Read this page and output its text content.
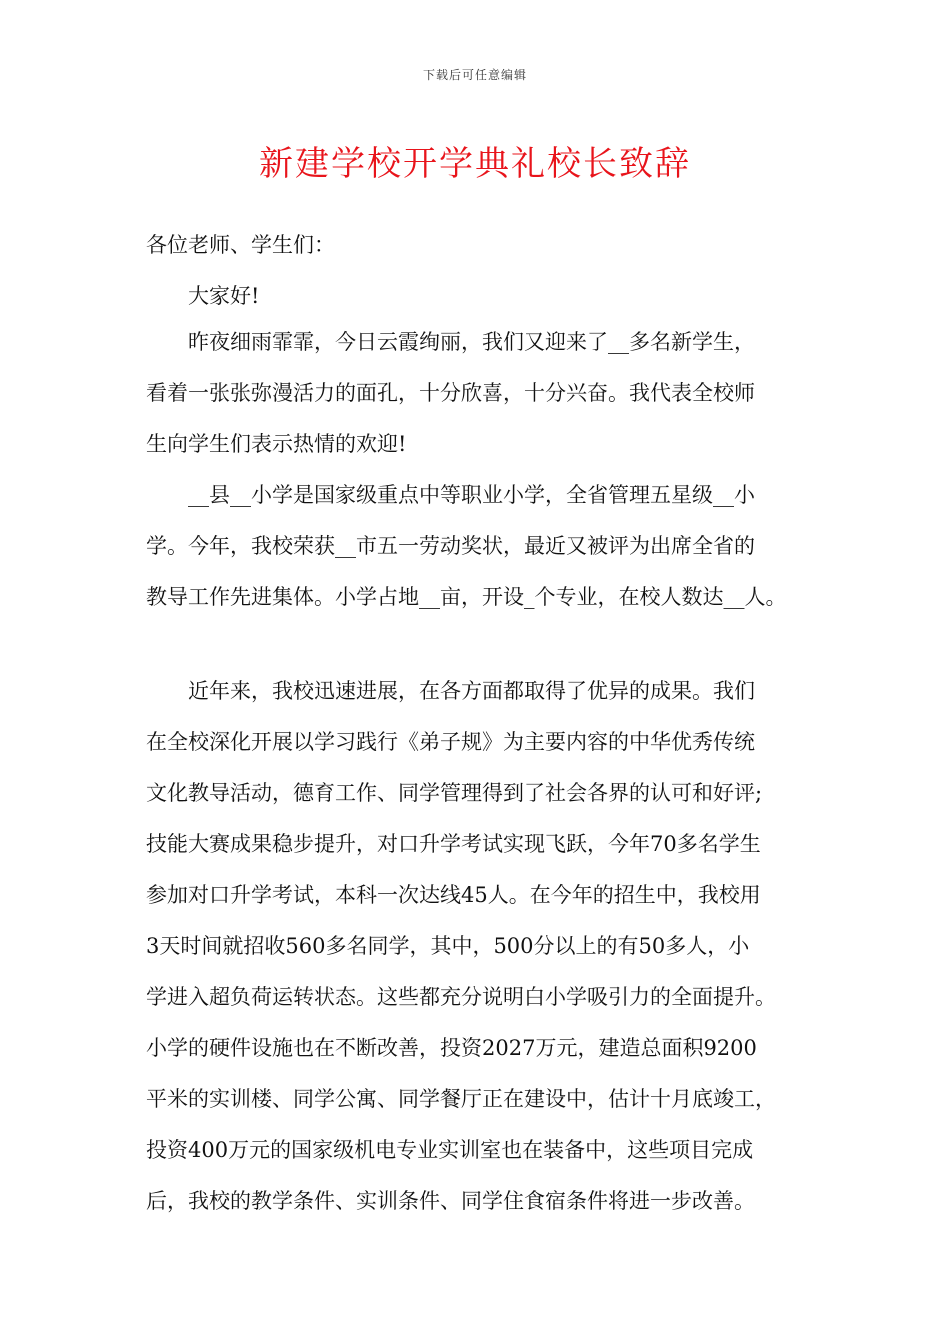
下载后可任意编辑
新建学校开学典礼校长致辞
各位老师、学生们：
大家好!
昨夜细雨霏霏，今日云霞绚丽，我们又迎来了__多名新学生，
看着一张张弥漫活力的面孔，十分欣喜，十分兴奋。我代表全校师
生向学生们表示热情的欢迎!
__县__小学是国家级重点中等职业小学，全省管理五星级__小
学。今年，我校荣获__市五一劳动奖状，最近又被评为出席全省的
教导工作先进集体。小学占地__亩，开设_个专业，在校人数达__人。
近年来，我校迅速进展，在各方面都取得了优异的成果。我们
在全校深化开展以学习践行《弟子规》为主要内容的中华优秀传统
文化教导活动，德育工作、同学管理得到了社会各界的认可和好评;
技能大赛成果稳步提升，对口升学考试实现飞跃，今年70多名学生
参加对口升学考试，本科一次达线45人。在今年的招生中，我校用
3天时间就招收560多名同学，其中，500分以上的有50多人，小
学进入超负荷运转状态。这些都充分说明白小学吸引力的全面提升。
小学的硬件设施也在不断改善，投资2027万元，建造总面积9200
平米的实训楼、同学公寓、同学餐厅正在建设中，估计十月底竣工，
投资400万元的国家级机电专业实训室也在装备中，这些项目完成
后，我校的教学条件、实训条件、同学住食宿条件将进一步改善。
